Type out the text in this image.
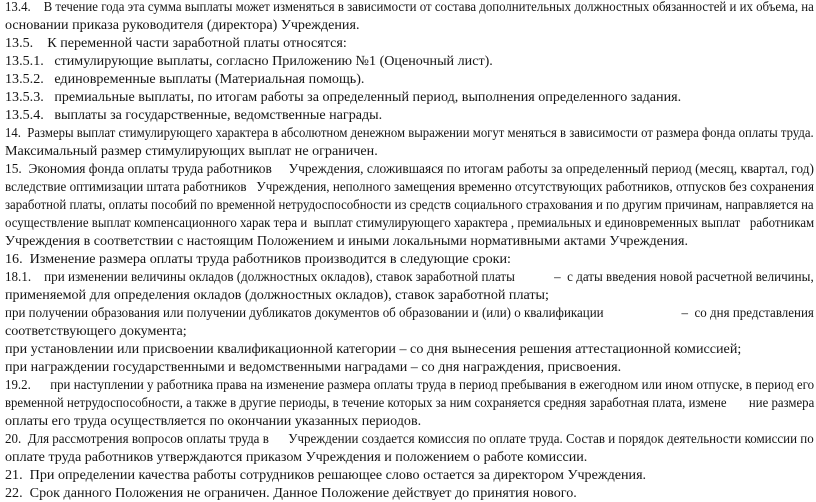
13.4.    В течение года эта сумма выплаты может изменяться в зависимости от состава дополнительных должностных обязанностей и их объема, на
основании приказа руководителя (директора) Учреждения.
13.5.    К переменной части заработной платы относятся:
13.5.1.   стимулирующие выплаты, согласно Приложению №1 (Оценочный лист).
13.5.2.   единовременные выплаты (Материальная помощь).
13.5.3.   премиальные выплаты, по итогам работы за определенный период, выполнения определенного задания.
13.5.4.   выплаты за государственные, ведомственные награды.
14.  Размеры выплат стимулирующего характера в абсолютном денежном выражении могут меняться в зависимости от размера фонда оплаты труда.
Максимальный размер стимулирующих выплат не ограничен.
15.  Экономия фонда оплаты труда работников     Учреждения, сложившаяся по итогам работы за определенный период (месяц, квартал, год)
вследствие оптимизации штата работников   Учреждения, неполного замещения временно отсутствующих работников, отпусков без сохранения
заработной платы, оплаты пособий по временной нетрудоспособности из средств социального страхования и по другим причинам, направляется на
осуществление выплат компенсационного харак тера и  выплат стимулирующего характера , премиальных и единовременных выплат   работникам
Учреждения в соответствии с настоящим Положением и иными локальными нормативными актами Учреждения.
16.  Изменение размера оплаты труда работников производится в следующие сроки:
18.1.    при изменении величины окладов (должностных окладов), ставок заработной платы            –  с даты введения новой расчетной величины,
применяемой для определения окладов (должностных окладов), ставок заработной платы;
при получении образования или получении дубликатов документов об образовании и (или) о квалификации                        –  со дня представления
соответствующего документа;
при установлении или присвоении квалификационной категории – со дня вынесения решения аттестационной комиссией;
при награждении государственными и ведомственными наградами – со дня награждения, присвоения.
19.2.      при наступлении у работника права на изменение размера оплаты труда в период пребывания в ежегодном или ином отпуске, в период его
временной нетрудоспособности, а также в другие периоды, в течение которых за ним сохраняется средняя заработная плата, измене       ние размера
оплаты его труда осуществляется по окончании указанных периодов.
20.  Для рассмотрения вопросов оплаты труда в      Учреждении создается комиссия по оплате труда. Состав и порядок деятельности комиссии по
оплате труда работников утверждаются приказом Учреждения и положением о работе комиссии.
21.  При определении качества работы сотрудников решающее слово остается за директором Учреждения.
22.  Срок данного Положения не ограничен. Данное Положение действует до принятия нового.
